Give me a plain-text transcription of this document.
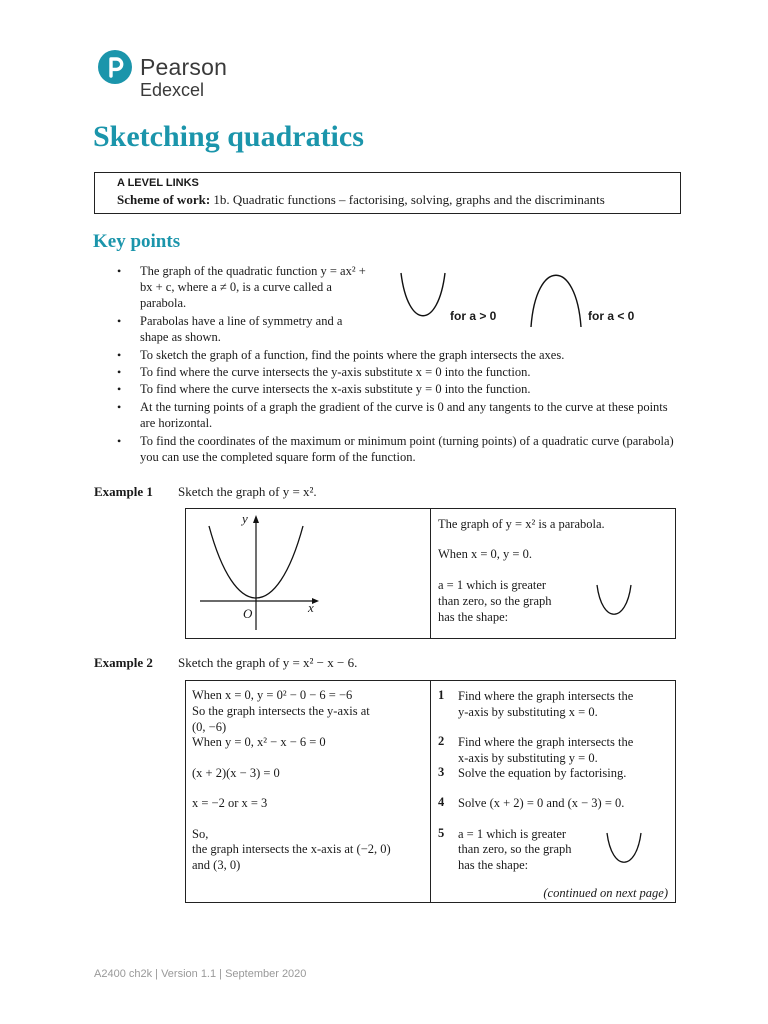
Pearson
Edexcel
Sketching quadratics
A LEVEL LINKS
Scheme of work: 1b. Quadratic functions – factorising, solving, graphs and the discriminants
Key points
• The graph of the quadratic function y = ax² + bx + c, where a ≠ 0, is a curve called a parabola.
• Parabolas have a line of symmetry and a shape as shown.
• To sketch the graph of a function, find the points where the graph intersects the axes.
• To find where the curve intersects the y-axis substitute x = 0 into the function.
• To find where the curve intersects the x-axis substitute y = 0 into the function.
• At the turning points of a graph the gradient of the curve is 0 and any tangents to the curve at these points are horizontal.
• To find the coordinates of the maximum or minimum point (turning points) of a quadratic curve (parabola) you can use the completed square form of the function.
for a > 0	for a < 0
Example 1 Sketch the graph of y = x².
y
x
O
The graph of y = x² is a parabola.
When x = 0, y = 0.
a = 1 which is greater
than zero, so the graph
has the shape:
Example 2 Sketch the graph of y = x² − x − 6.
When x = 0, y = 0² − 0 − 6 = −6
So the graph intersects the y-axis at
(0, −6)
When y = 0, x² − x − 6 = 0
(x + 2)(x − 3) = 0
x = −2 or x = 3
So,
the graph intersects the x-axis at (−2, 0)
and (3, 0)
1 Find where the graph intersects the
y-axis by substituting x = 0.
2 Find where the graph intersects the
x-axis by substituting y = 0.
3 Solve the equation by factorising.
4 Solve (x + 2) = 0 and (x − 3) = 0.
5 a = 1 which is greater
than zero, so the graph
has the shape:
(continued on next page)
A2400 ch2k | Version 1.1 | September 2020
